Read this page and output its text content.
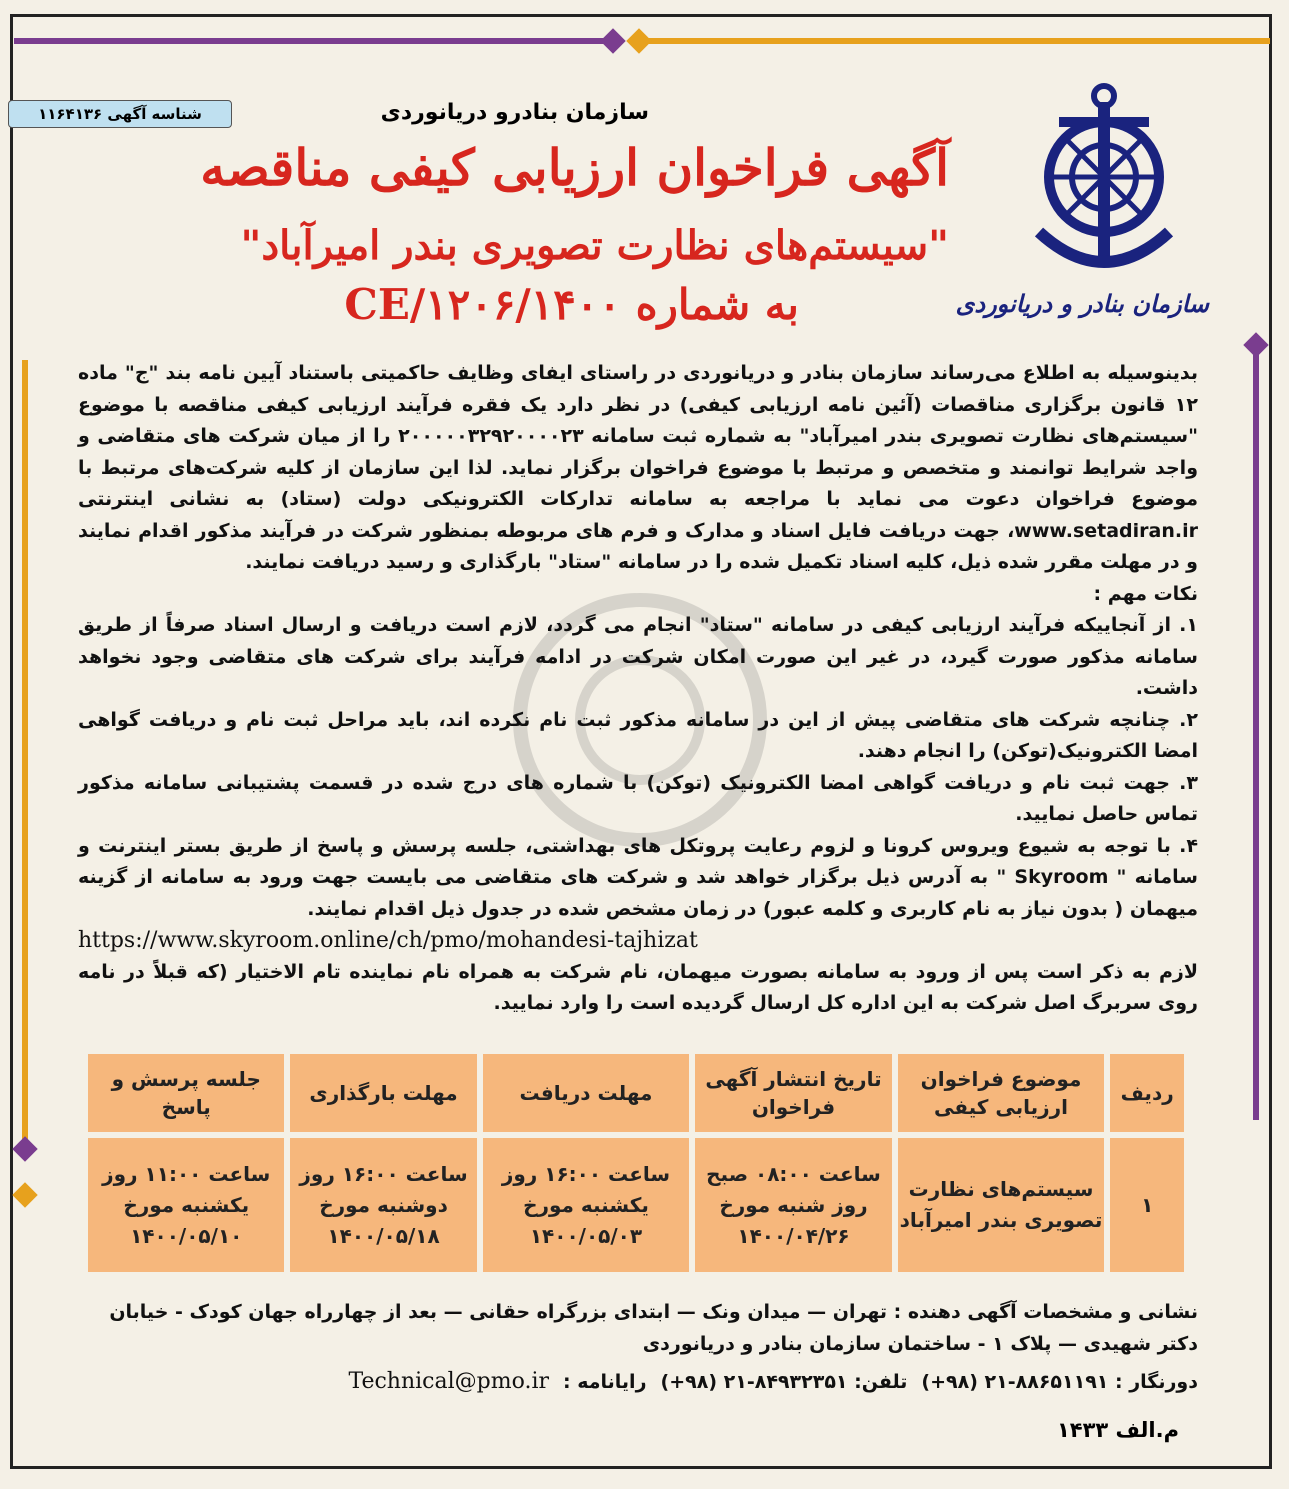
شناسه آگهی ۱۱۶۴۱۳۶	سازمان بنادرو دریانوردی
آگهی فراخوان ارزیابی کیفی مناقصه
"سیستم‌های نظارت تصویری بندر امیرآباد"
به شماره ۱۴۰۰/CE/۱۲۰۶	سازمان بنادر و دریانوردی

بدینوسیله به اطلاع می‌رساند سازمان بنادر و دریانوردی در راستای ایفای وظایف حاکمیتی باستناد آیین نامه بند "ج" ماده ۱۲ قانون برگزاری مناقصات (آئین نامه ارزیابی کیفی) در نظر دارد یک فقره فرآیند ارزیابی کیفی مناقصه با موضوع "سیستم‌های نظارت تصویری بندر امیرآباد" به شماره ثبت سامانه ۲۰۰۰۰۰۳۲۹۲۰۰۰۰۲۳ را از میان شرکت های متقاضی و واجد شرایط توانمند و متخصص و مرتبط با موضوع فراخوان برگزار نماید. لذا این سازمان از کلیه شرکت‌های مرتبط با موضوع فراخوان دعوت می نماید با مراجعه به سامانه تدارکات الکترونیکی دولت (ستاد) به نشانی اینترنتی www.setadiran.ir، جهت دریافت فایل اسناد و مدارک و فرم های مربوطه بمنظور شرکت در فرآیند مذکور اقدام نمایند و در مهلت مقرر شده ذیل، کلیه اسناد تکمیل شده را در سامانه "ستاد" بارگذاری و رسید دریافت نمایند.

نکات مهم :

۱. از آنجاییکه فرآیند ارزیابی کیفی در سامانه "ستاد" انجام می گردد، لازم است دریافت و ارسال اسناد صرفاً از طریق سامانه مذکور صورت گیرد، در غیر این صورت امکان شرکت در ادامه فرآیند برای شرکت های متقاضی وجود نخواهد داشت.

۲. چنانچه شرکت های متقاضی پیش از این در سامانه مذکور ثبت نام نکرده اند، باید مراحل ثبت نام و دریافت گواهی امضا الکترونیک(توکن) را انجام دهند.

۳. جهت ثبت نام و دریافت گواهی امضا الکترونیک (توکن) با شماره های درج شده در قسمت پشتیبانی سامانه مذکور تماس حاصل نمایید.

۴. با توجه به شیوع ویروس کرونا و لزوم رعایت پروتکل های بهداشتی، جلسه پرسش و پاسخ از طریق بستر اینترنت و سامانه " Skyroom " به آدرس ذیل برگزار خواهد شد و شرکت های متقاضی می بایست جهت ورود به سامانه از گزینه میهمان ( بدون نیاز به نام کاربری و کلمه عبور) در زمان مشخص شده در جدول ذیل اقدام نمایند.

https://www.skyroom.online/ch/pmo/mohandesi-tajhizat

لازم به ذکر است پس از ورود به سامانه بصورت میهمان، نام شرکت به همراه نام نماینده تام الاختیار (که قبلاً در نامه روی سربرگ اصل شرکت به این اداره کل ارسال گردیده است را وارد نمایید.

ردیف	موضوع فراخوان ارزیابی کیفی	تاریخ انتشار آگهی فراخوان	مهلت دریافت	مهلت بارگذاری	جلسه پرسش و پاسخ
۱	سیستم‌های نظارت تصویری بندر امیرآباد	ساعت ۰۸:۰۰ صبح روز شنبه مورخ ۱۴۰۰/۰۴/۲۶	ساعت ۱۶:۰۰ روز یکشنبه مورخ ۱۴۰۰/۰۵/۰۳	ساعت ۱۶:۰۰ روز دوشنبه مورخ ۱۴۰۰/۰۵/۱۸	ساعت ۱۱:۰۰ روز یکشنبه مورخ ۱۴۰۰/۰۵/۱۰

نشانی و مشخصات آگهی دهنده : تهران — میدان ونک — ابتدای بزرگراه حقانی — بعد از چهارراه جهان کودک - خیابان دکتر شهیدی — پلاک ۱ - ساختمان سازمان بنادر و دریانوردی

دورنگار : ۸۸۶۵۱۱۹۱-۲۱ (۹۸+)
تلفن: ۸۴۹۳۲۳۵۱-۲۱ (۹۸+)
رایانامه :
Technical@pmo.ir
م.الف ۱۴۳۳
